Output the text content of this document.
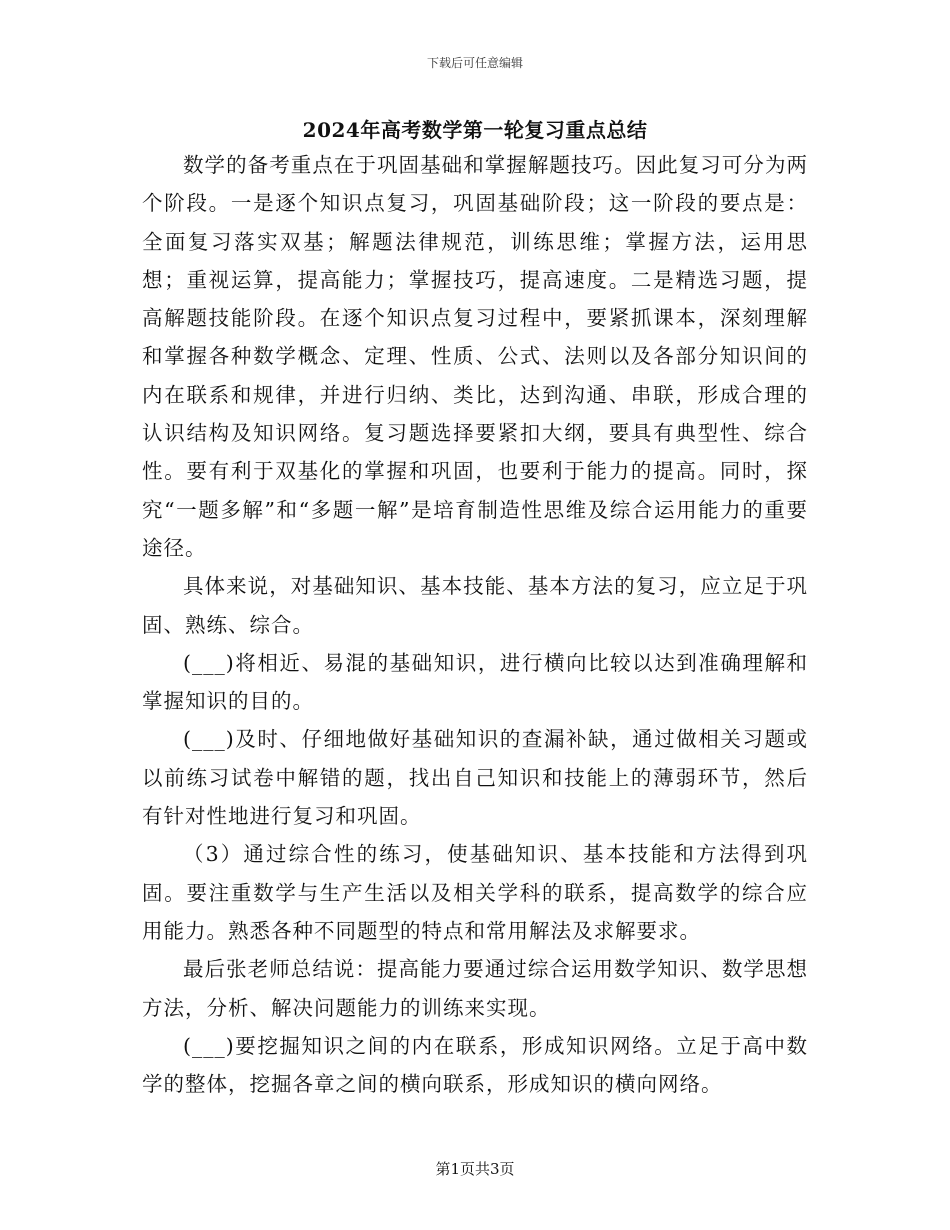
下载后可任意编辑
2024年高考数学第一轮复习重点总结

数学的备考重点在于巩固基础和掌握解题技巧。因此复习可分为两个阶段。一是逐个知识点复习，巩固基础阶段；这一阶段的要点是：全面复习落实双基；解题法律规范，训练思维；掌握方法，运用思想；重视运算，提高能力；掌握技巧，提高速度。二是精选习题，提高解题技能阶段。在逐个知识点复习过程中，要紧抓课本，深刻理解和掌握各种数学概念、定理、性质、公式、法则以及各部分知识间的内在联系和规律，并进行归纳、类比，达到沟通、串联，形成合理的认识结构及知识网络。复习题选择要紧扣大纲，要具有典型性、综合性。要有利于双基化的掌握和巩固，也要利于能力的提高。同时，探究“一题多解”和“多题一解”是培育制造性思维及综合运用能力的重要途径。

具体来说，对基础知识、基本技能、基本方法的复习，应立足于巩固、熟练、综合。

(___)将相近、易混的基础知识，进行横向比较以达到准确理解和掌握知识的目的。

(___)及时、仔细地做好基础知识的查漏补缺，通过做相关习题或以前练习试卷中解错的题，找出自己知识和技能上的薄弱环节，然后有针对性地进行复习和巩固。

（3）通过综合性的练习，使基础知识、基本技能和方法得到巩固。要注重数学与生产生活以及相关学科的联系，提高数学的综合应用能力。熟悉各种不同题型的特点和常用解法及求解要求。

最后张老师总结说：提高能力要通过综合运用数学知识、数学思想方法，分析、解决问题能力的训练来实现。

(___)要挖掘知识之间的内在联系，形成知识网络。立足于高中数学的整体，挖掘各章之间的横向联系，形成知识的横向网络。

第1页共3页
